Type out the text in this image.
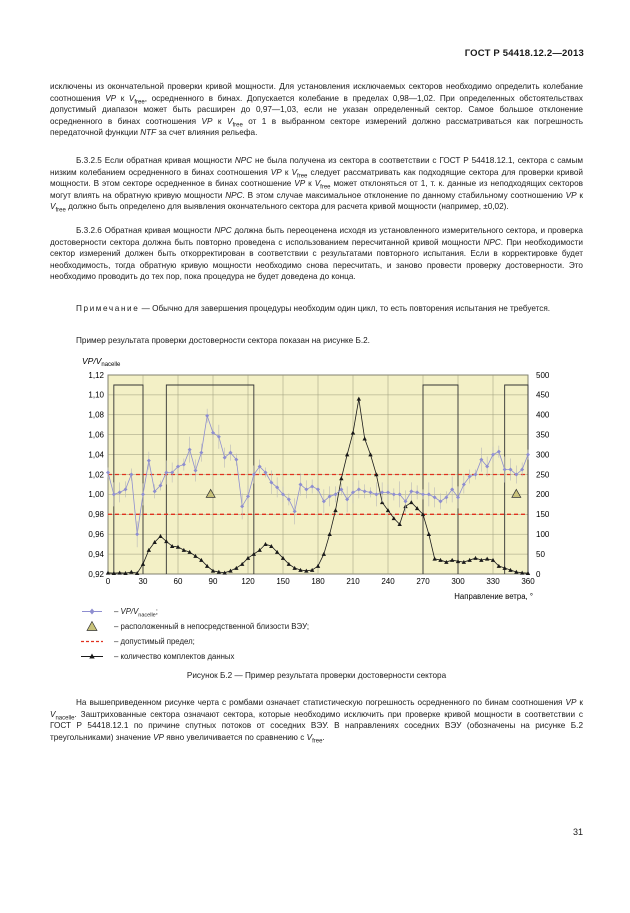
ГОСТ Р 54418.12.2—2013

исключены из окончательной проверки кривой мощности. Для установления исключаемых секторов необходимо определить колебание соотношения VP к $V_{free}$, осредненного в бинах. Допускается колебание в пределах 0,98—1,02. При определенных обстоятельствах допустимый диапазон может быть расширен до 0,97—1,03, если не указан определенный сектор. Самое большое отклонение осредненного в бинах соотношения VP к $V_{free}$ от 1 в выбранном секторе измерений должно рассматриваться как погрешность передаточной функции NTF за счет влияния рельефа.

Б.3.2.5 Если обратная кривая мощности NPC не была получена из сектора в соответствии с ГОСТ Р 54418.12.1, сектора с самым низким колебанием осредненного в бинах соотношения VP к $V_{free}$ следует рассматривать как подходящие сектора для проверки кривой мощности. В этом секторе осредненное в бинах соотношение VP к $V_{free}$ может отклоняться от 1, т. к. данные из неподходящих секторов могут влиять на обратную кривую мощности NPC. В этом случае максимальное отклонение по данному стабильному соотношению VP к $V_{free}$ должно быть определено для выявления окончательного сектора для расчета кривой мощности (например, ±0,02).

Б.3.2.6 Обратная кривая мощности NPC должна быть переоценена исходя из установленного измерительного сектора, и проверка достоверности сектора должна быть повторно проведена с использованием пересчитанной кривой мощности NPC. При необходимости сектор измерений должен быть откорректирован в соответствии с результатами повторного испытания. Если в корректировке будет необходимость, тогда обратную кривую мощности необходимо снова пересчитать, и заново провести проверку достоверности. Это необходимо проводить до тех пор, пока процедура не будет доведена до конца.

Примечание — Обычно для завершения процедуры необходим один цикл, то есть повторения испытания не требуется.

Пример результата проверки достоверности сектора показан на рисунке Б.2.

$VP/V_{nacelle}$
0,92
0,94
0,96
0,98
1,00
1,02
1,04
1,06
1,08
1,10
1,12
0
50
100
150
200
250
300
350
400
450
500
0	30	60	90	120	150	180	210	240	270	300	330	360
Направление ветра, °
– $VP/V_{nacelle}$;
– расположенный в непосредственной близости ВЭУ;
– допустимый предел;
– количество комплектов данных
Рисунок Б.2 — Пример результата проверки достоверности сектора

На вышеприведенном рисунке черта с ромбами означает статистическую погрешность осредненного по бинам соотношения VP к $V_{nacelle}$. Заштрихованные сектора означают сектора, которые необходимо исключить при проверке кривой мощности в соответствии с ГОСТ Р 54418.12.1 по причине спутных потоков от соседних ВЭУ. В направлениях соседних ВЭУ (обозначены на рисунке Б.2 треугольниками) значение VP явно увеличивается по сравнению с $V_{free}$.

31
